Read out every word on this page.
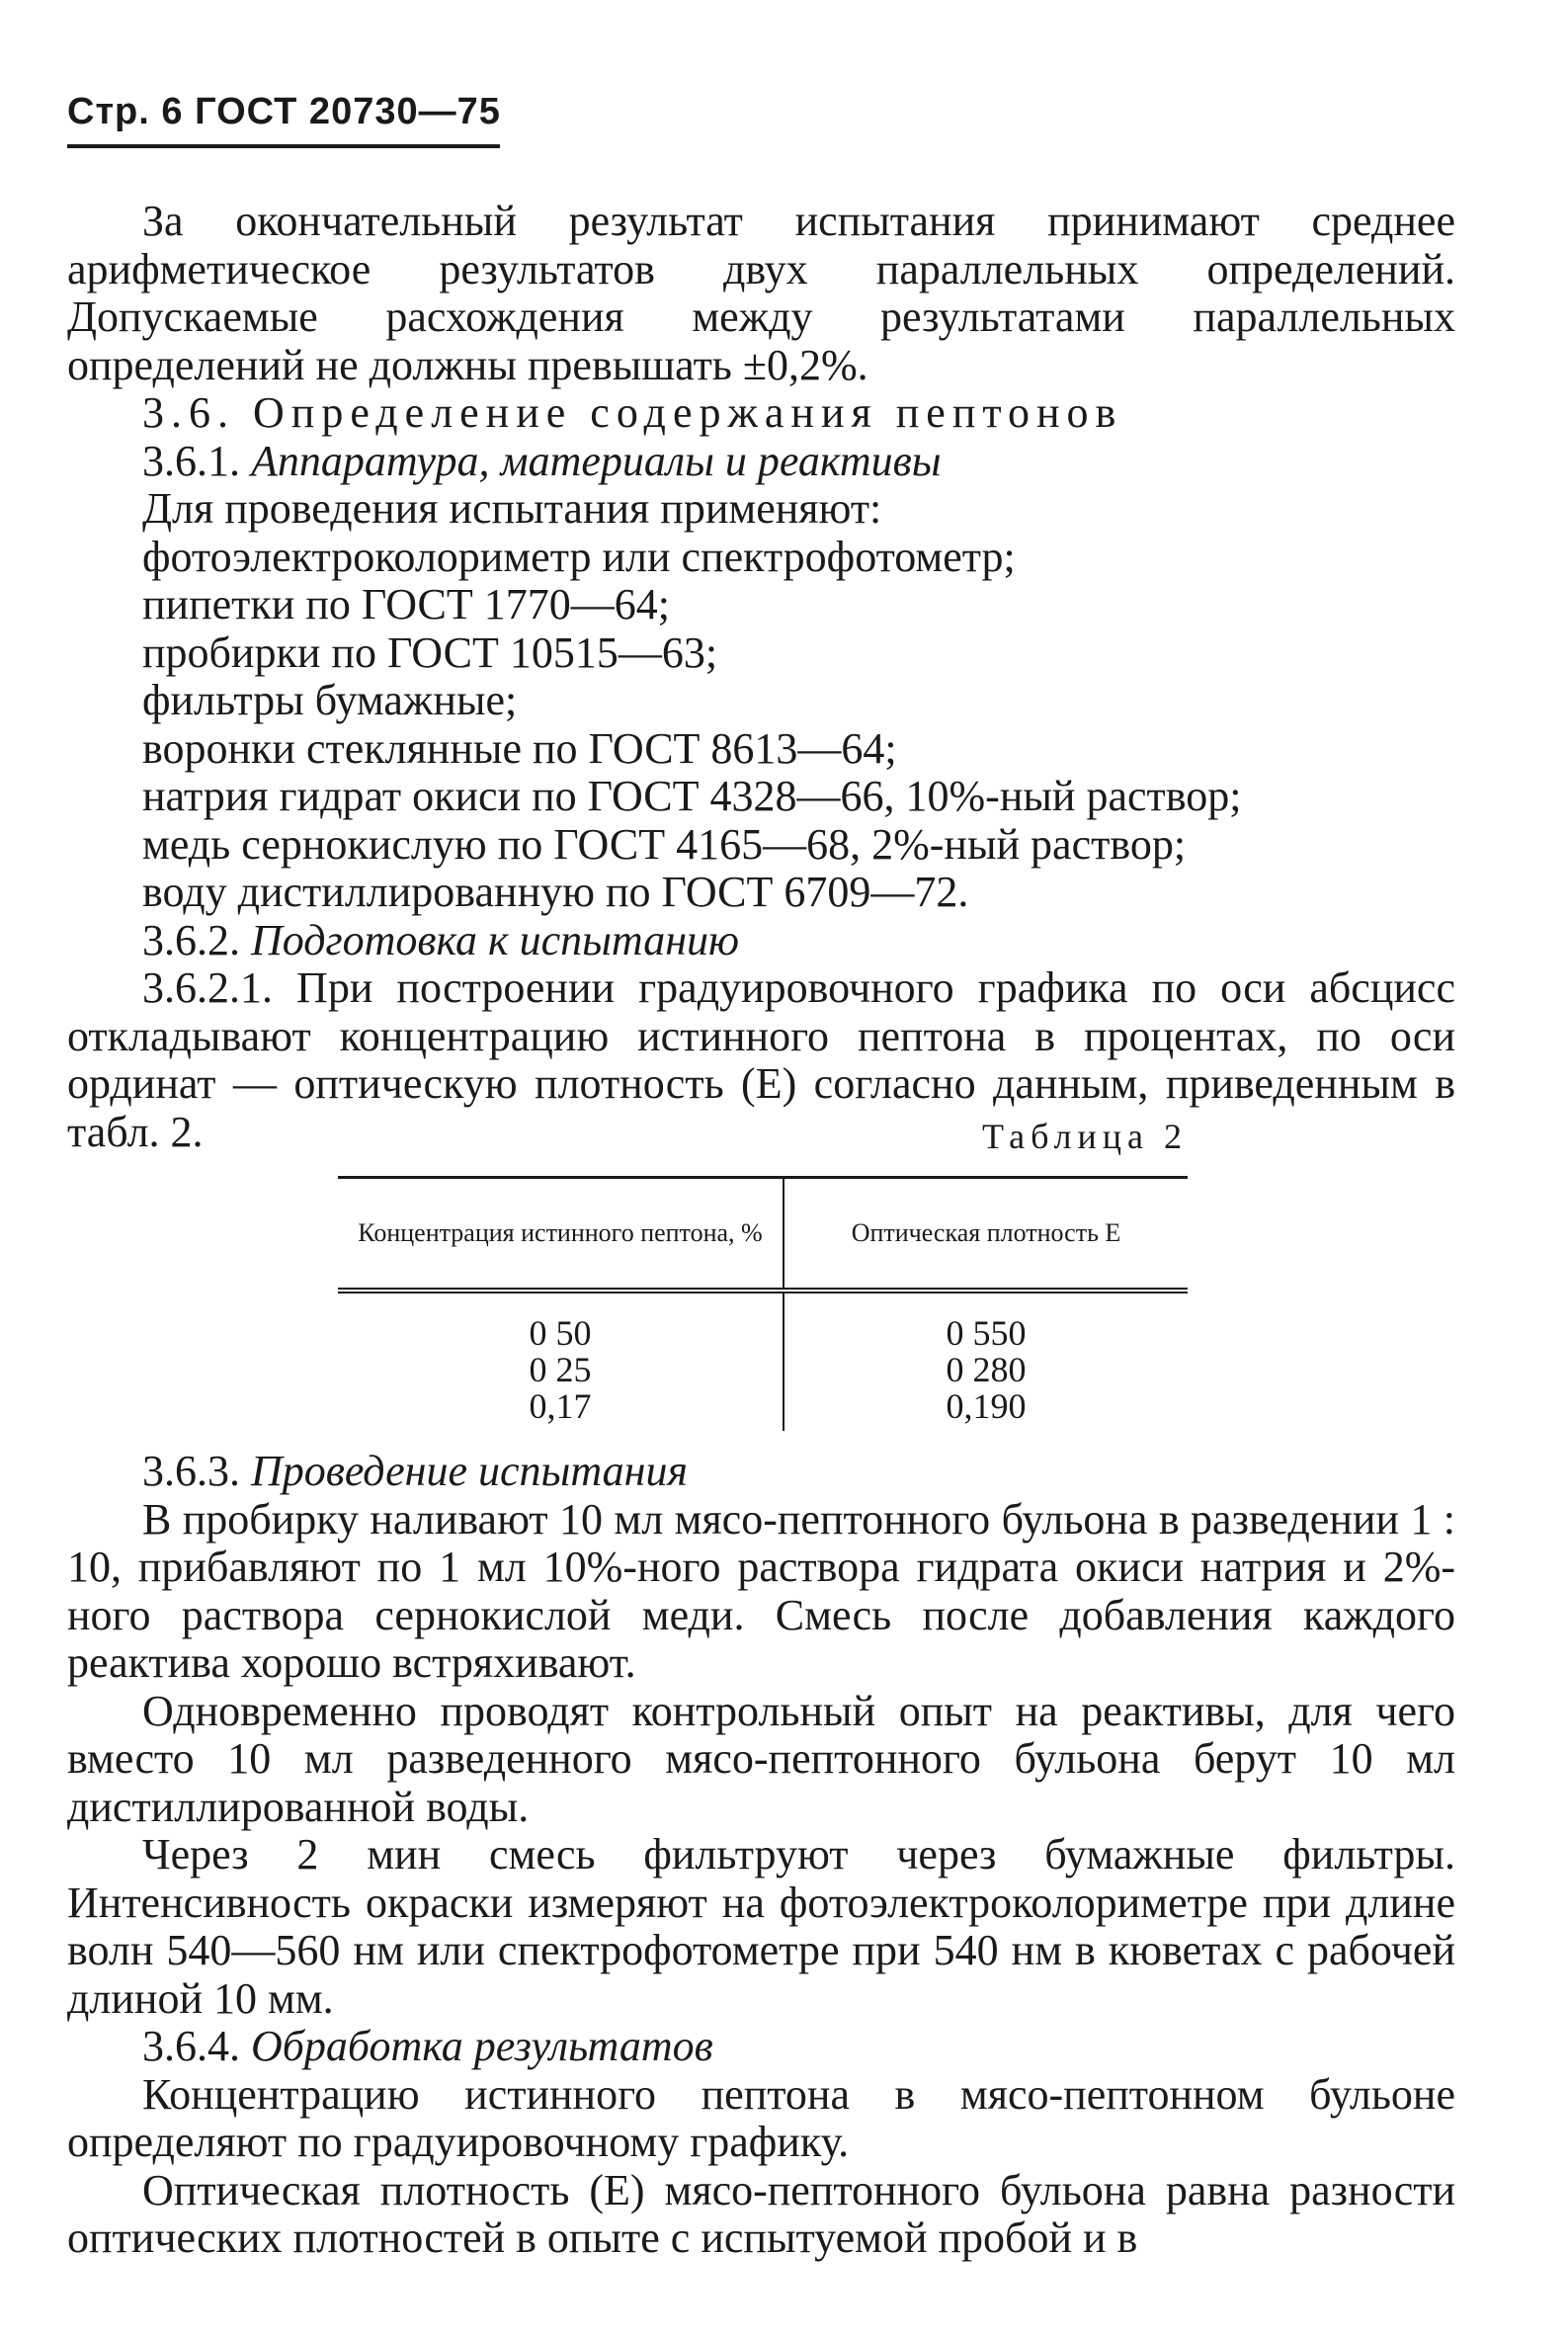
Стр. 6 ГОСТ 20730—75

За окончательный результат испытания принимают среднее арифметическое результатов двух параллельных определений. Допускаемые расхождения между результатами параллельных определений не должны превышать ±0,2%.

3.6. Определение содержания пептонов

3.6.1. Аппаратура, материалы и реактивы

Для проведения испытания применяют:

фотоэлектроколориметр или спектрофотометр;

пипетки по ГОСТ 1770—64;

пробирки по ГОСТ 10515—63;

фильтры бумажные;

воронки стеклянные по ГОСТ 8613—64;

натрия гидрат окиси по ГОСТ 4328—66, 10%-ный раствор;

медь сернокислую по ГОСТ 4165—68, 2%-ный раствор;

воду дистиллированную по ГОСТ 6709—72.

3.6.2. Подготовка к испытанию

3.6.2.1. При построении градуировочного графика по оси абсцисс откладывают концентрацию истинного пептона в процентах, по оси ординат — оптическую плотность (E) согласно данным, приведенным в табл. 2.	Таблица 2
Концентрация истинного пептона, %	Оптическая плотность E
0 50	0 550
0 25	0 280
0,17	0,190

3.6.3. Проведение испытания

В пробирку наливают 10 мл мясо-пептонного бульона в разведении 1 : 10, прибавляют по 1 мл 10%-ного раствора гидрата окиси натрия и 2%-ного раствора сернокислой меди. Смесь после добавления каждого реактива хорошо встряхивают.

Одновременно проводят контрольный опыт на реактивы, для чего вместо 10 мл разведенного мясо-пептонного бульона берут 10 мл дистиллированной воды.

Через 2 мин смесь фильтруют через бумажные фильтры. Интенсивность окраски измеряют на фотоэлектроколориметре при длине волн 540—560 нм или спектрофотометре при 540 нм в кюветах с рабочей длиной 10 мм.

3.6.4. Обработка результатов

Концентрацию истинного пептона в мясо-пептонном бульоне определяют по градуировочному графику.

Оптическая плотность (E) мясо-пептонного бульона равна разности оптических плотностей в опыте с испытуемой пробой и в
